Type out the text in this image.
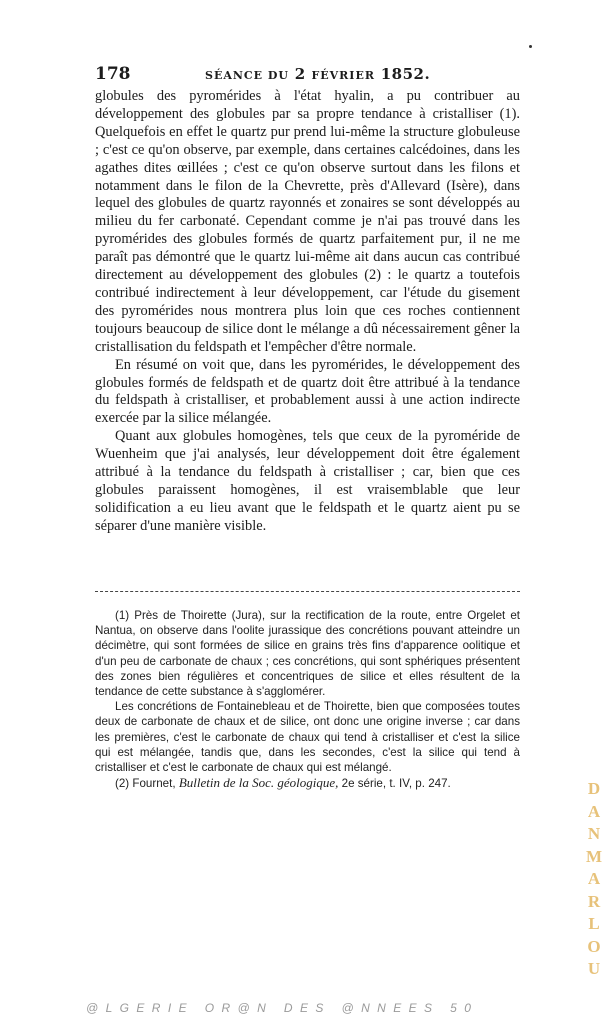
178	SÉANCE DU 2 FÉVRIER 1852.

globules des pyromérides à l'état hyalin, a pu contribuer au développement des globules par sa propre tendance à cristalliser (1). Quelquefois en effet le quartz pur prend lui-même la structure globuleuse ; c'est ce qu'on observe, par exemple, dans certaines calcédoines, dans les agathes dites œillées ; c'est ce qu'on observe surtout dans les filons et notamment dans le filon de la Chevrette, près d'Allevard (Isère), dans lequel des globules de quartz rayonnés et zonaires se sont développés au milieu du fer carbonaté. Cependant comme je n'ai pas trouvé dans les pyromérides des globules formés de quartz parfaitement pur, il ne me paraît pas démontré que le quartz lui-même ait dans aucun cas contribué directement au développement des globules (2) : le quartz a toutefois contribué indirectement à leur développement, car l'étude du gisement des pyromérides nous montrera plus loin que ces roches contiennent toujours beaucoup de silice dont le mélange a dû nécessairement gêner la cristallisation du feldspath et l'empêcher d'être normale.

En résumé on voit que, dans les pyromérides, le développement des globules formés de feldspath et de quartz doit être attribué à la tendance du feldspath à cristalliser, et probablement aussi à une action indirecte exercée par la silice mélangée.

Quant aux globules homogènes, tels que ceux de la pyroméride de Wuenheim que j'ai analysés, leur développement doit être également attribué à la tendance du feldspath à cristalliser ; car, bien que ces globules paraissent homogènes, il est vraisemblable que leur solidification a eu lieu avant que le feldspath et le quartz aient pu se séparer d'une manière visible.

(1) Près de Thoirette (Jura), sur la rectification de la route, entre Orgelet et Nantua, on observe dans l'oolite jurassique des concrétions pouvant atteindre un décimètre, qui sont formées de silice en grains très fins d'apparence oolitique et d'un peu de carbonate de chaux ; ces concrétions, qui sont sphériques présentent des zones bien régulières et concentriques de silice et elles résultent de la tendance de cette substance à s'agglomérer.

Les concrétions de Fontainebleau et de Thoirette, bien que composées toutes deux de carbonate de chaux et de silice, ont donc une origine inverse ; car dans les premières, c'est le carbonate de chaux qui tend à cristalliser et c'est la silice qui est mélangée, tandis que, dans les secondes, c'est la silice qui tend à cristalliser et c'est le carbonate de chaux qui est mélangé.

(2) Fournet, Bulletin de la Soc. géologique, 2e série, t. IV, p. 247.	D
A
N
M
A
R
L
O
U
@LGERIE OR@N DES @NNEES 50
